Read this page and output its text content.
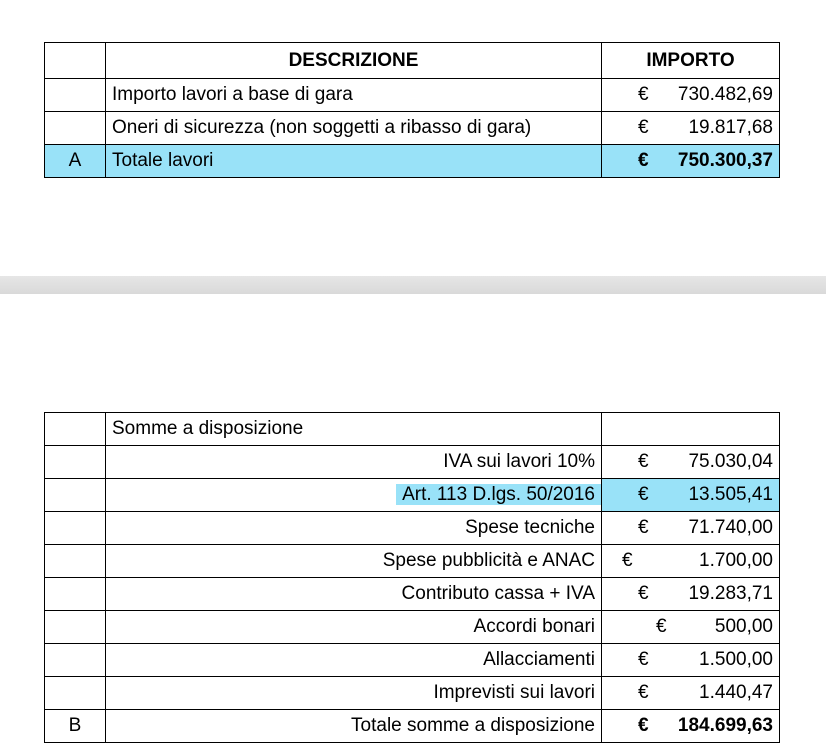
	DESCRIZIONE	IMPORTO
	Importo lavori a base di gara	€ 730.482,69

	Oneri di sicurezza (non soggetti a ribasso di gara)	€ 19.817,68

A	Totale lavori	€ 750.300,37
	Somme a disposizione	
	IVA sui lavori 10%	€ 75.030,04

	Art. 113 D.lgs. 50/2016	€ 13.505,41

	Spese tecniche	€ 71.740,00

	Spese pubblicità e ANAC	€ 1.700,00

	Contributo cassa + IVA	€ 19.283,71

	Accordi bonari	€ 500,00

	Allacciamenti	€ 1.500,00

	Imprevisti sui lavori	€ 1.440,47

B	Totale somme a disposizione	€ 184.699,63
